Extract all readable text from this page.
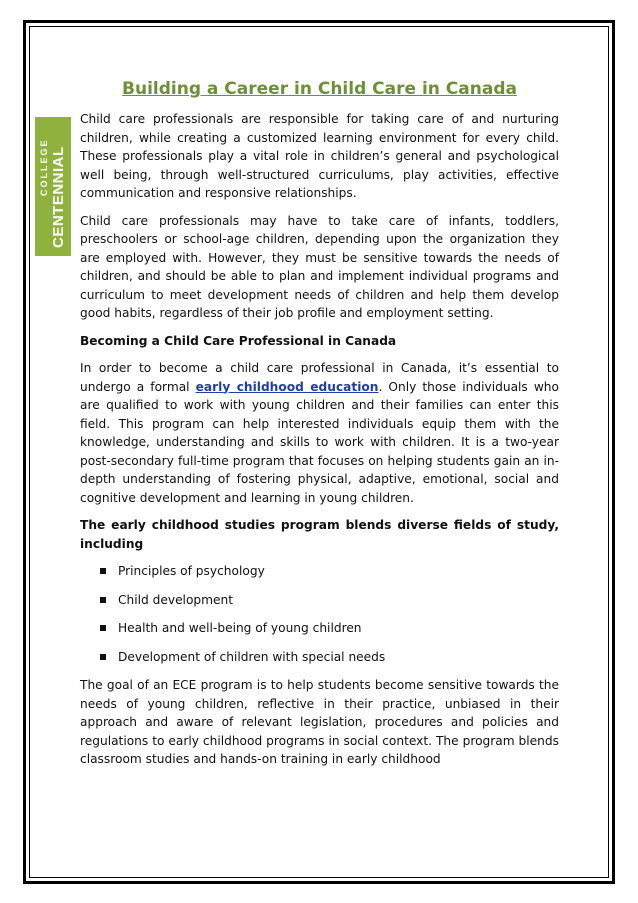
COLLEGE CENTENNIAL
Building a Career in Child Care in Canada

Child care professionals are responsible for taking care of and nurturing children, while creating a customized learning environment for every child. These professionals play a vital role in children’s general and psychological well being, through well-structured curriculums, play activities, effective communication and responsive relationships.

Child care professionals may have to take care of infants, toddlers, preschoolers or school-age children, depending upon the organization they are employed with. However, they must be sensitive towards the needs of children, and should be able to plan and implement individual programs and curriculum to meet development needs of children and help them develop good habits, regardless of their job profile and employment setting.

Becoming a Child Care Professional in Canada

In order to become a child care professional in Canada, it’s essential to undergo a formal early childhood education. Only those individuals who are qualified to work with young children and their families can enter this field. This program can help interested individuals equip them with the knowledge, understanding and skills to work with children. It is a two-year post-secondary full-time program that focuses on helping students gain an in-depth understanding of fostering physical, adaptive, emotional, social and cognitive development and learning in young children.

The early childhood studies program blends diverse fields of study, including

Principles of psychology
Child development
Health and well-being of young children
Development of children with special needs

The goal of an ECE program is to help students become sensitive towards the needs of young children, reflective in their practice, unbiased in their approach and aware of relevant legislation, procedures and policies and regulations to early childhood programs in social context. The program blends classroom studies and hands-on training in early childhood
